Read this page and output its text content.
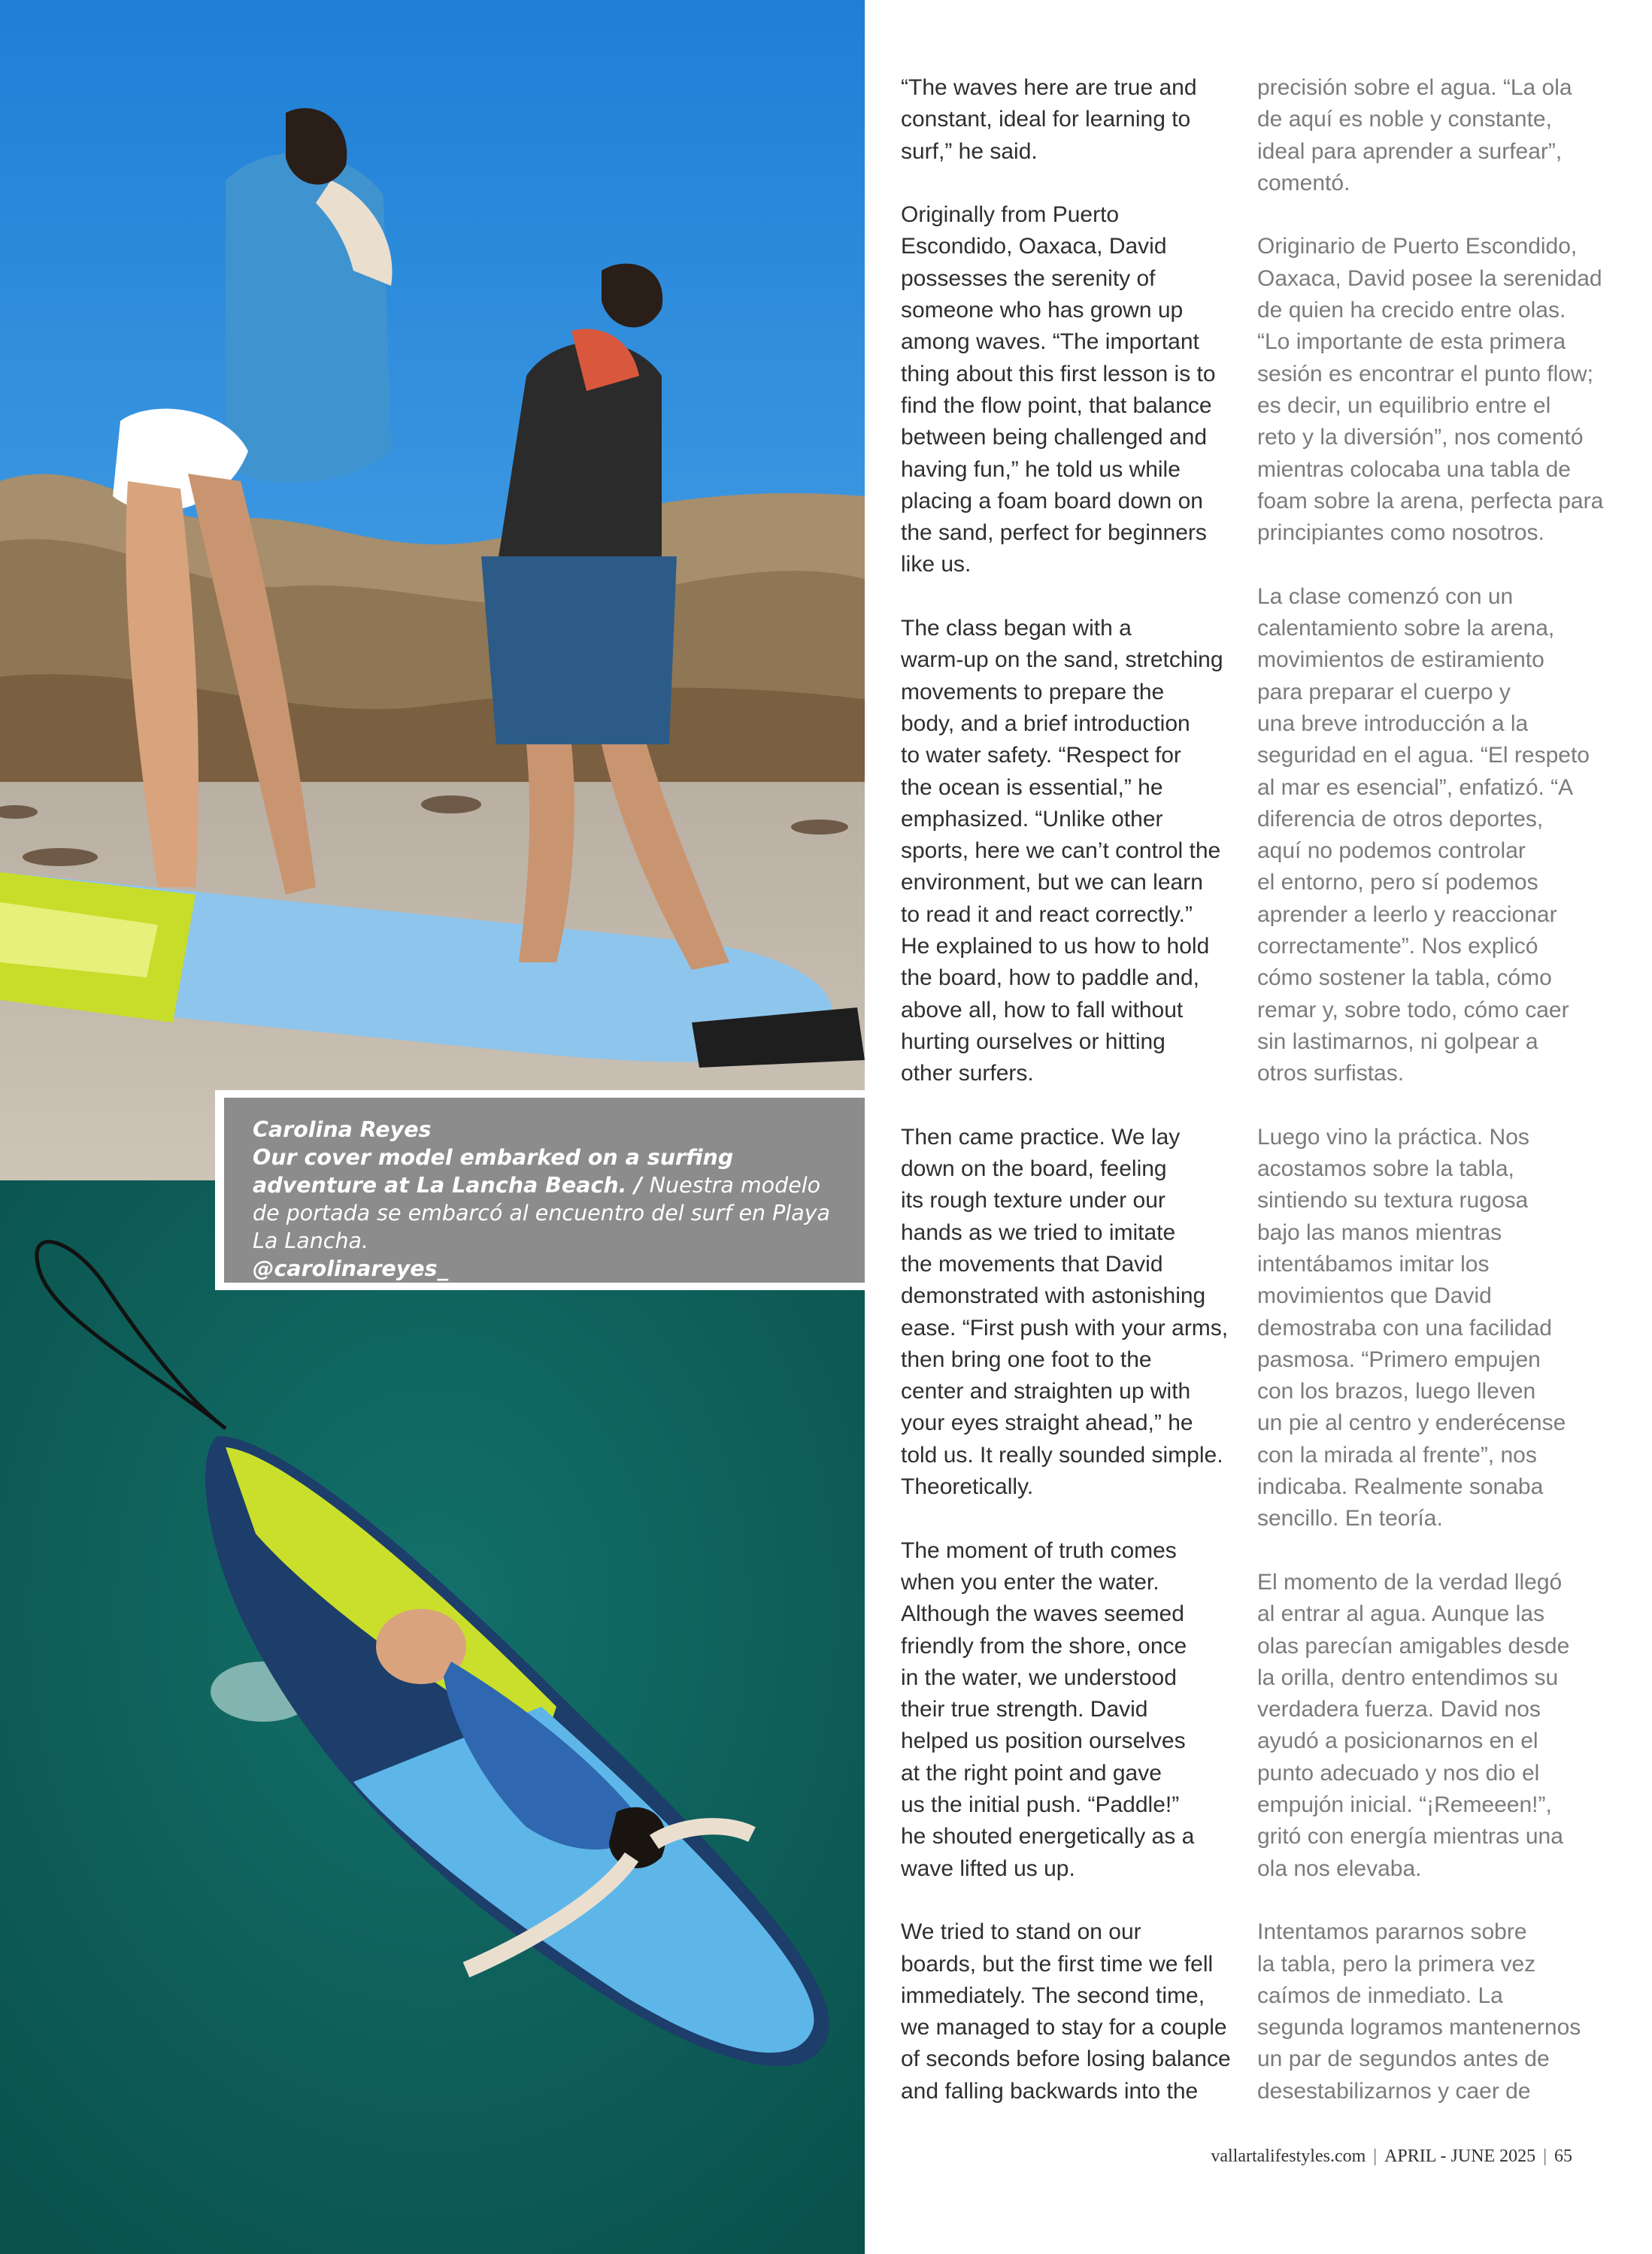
Carolina Reyes
Our cover model embarked on a surfing adventure at La Lancha Beach. / Nuestra modelo de portada se embarcó al encuentro del surf en Playa La Lancha.
@carolinareyes_

“The waves here are true and
constant, ideal for learning to
surf,” he said.

Originally from Puerto
Escondido, Oaxaca, David
possesses the serenity of
someone who has grown up
among waves. “The important
thing about this first lesson is to
find the flow point, that balance
between being challenged and
having fun,” he told us while
placing a foam board down on
the sand, perfect for beginners
like us.

The class began with a
warm-up on the sand, stretching
movements to prepare the
body, and a brief introduction
to water safety. “Respect for
the ocean is essential,” he
emphasized. “Unlike other
sports, here we can’t control the
environment, but we can learn
to read it and react correctly.”
He explained to us how to hold
the board, how to paddle and,
above all, how to fall without
hurting ourselves or hitting
other surfers.

Then came practice. We lay
down on the board, feeling
its rough texture under our
hands as we tried to imitate
the movements that David
demonstrated with astonishing
ease. “First push with your arms,
then bring one foot to the
center and straighten up with
your eyes straight ahead,” he
told us. It really sounded simple.
Theoretically.

The moment of truth comes
when you enter the water.
Although the waves seemed
friendly from the shore, once
in the water, we understood
their true strength. David
helped us position ourselves
at the right point and gave
us the initial push. “Paddle!”
he shouted energetically as a
wave lifted us up.

We tried to stand on our
boards, but the first time we fell
immediately. The second time,
we managed to stay for a couple
of seconds before losing balance
and falling backwards into the

precisión sobre el agua. “La ola
de aquí es noble y constante,
ideal para aprender a surfear”,
comentó.

Originario de Puerto Escondido,
Oaxaca, David posee la serenidad
de quien ha crecido entre olas.
“Lo importante de esta primera
sesión es encontrar el punto flow;
es decir, un equilibrio entre el
reto y la diversión”, nos comentó
mientras colocaba una tabla de
foam sobre la arena, perfecta para
principiantes como nosotros.

La clase comenzó con un
calentamiento sobre la arena,
movimientos de estiramiento
para preparar el cuerpo y
una breve introducción a la
seguridad en el agua. “El respeto
al mar es esencial”, enfatizó. “A
diferencia de otros deportes,
aquí no podemos controlar
el entorno, pero sí podemos
aprender a leerlo y reaccionar
correctamente”. Nos explicó
cómo sostener la tabla, cómo
remar y, sobre todo, cómo caer
sin lastimarnos, ni golpear a
otros surfistas.

Luego vino la práctica. Nos
acostamos sobre la tabla,
sintiendo su textura rugosa
bajo las manos mientras
intentábamos imitar los
movimientos que David
demostraba con una facilidad
pasmosa. “Primero empujen
con los brazos, luego lleven
un pie al centro y enderécense
con la mirada al frente”, nos
indicaba. Realmente sonaba
sencillo. En teoría.

El momento de la verdad llegó
al entrar al agua. Aunque las
olas parecían amigables desde
la orilla, dentro entendimos su
verdadera fuerza. David nos
ayudó a posicionarnos en el
punto adecuado y nos dio el
empujón inicial. “¡Remeeen!”,
gritó con energía mientras una
ola nos elevaba.

Intentamos pararnos sobre
la tabla, pero la primera vez
caímos de inmediato. La
segunda logramos mantenernos
un par de segundos antes de
desestabilizarnos y caer de

vallartalifestyles.com | APRIL - JUNE 2025 | 65
